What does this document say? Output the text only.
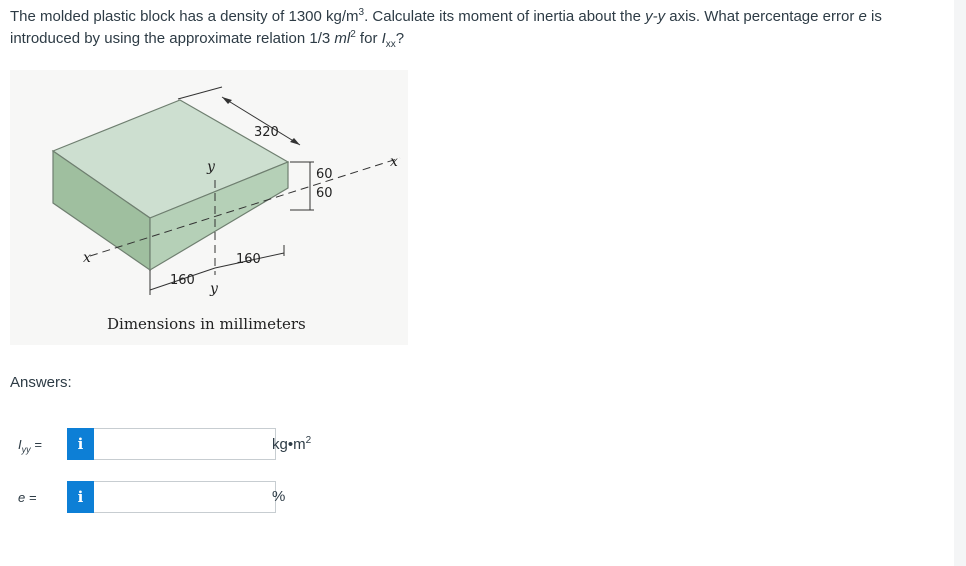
The molded plastic block has a density of 1300 $kg/m^3$. Calculate its moment of inertia about the y-y axis. What percentage error e is
introduced by using the approximate relation 1/3 $ml^2$ for $I_{xx}$?
320
60
60
160
160
y
y
x
x
Dimensions in millimeters
Answers:
$I_{yy}$ =	i	$kg•m^2$
e =	i	%
